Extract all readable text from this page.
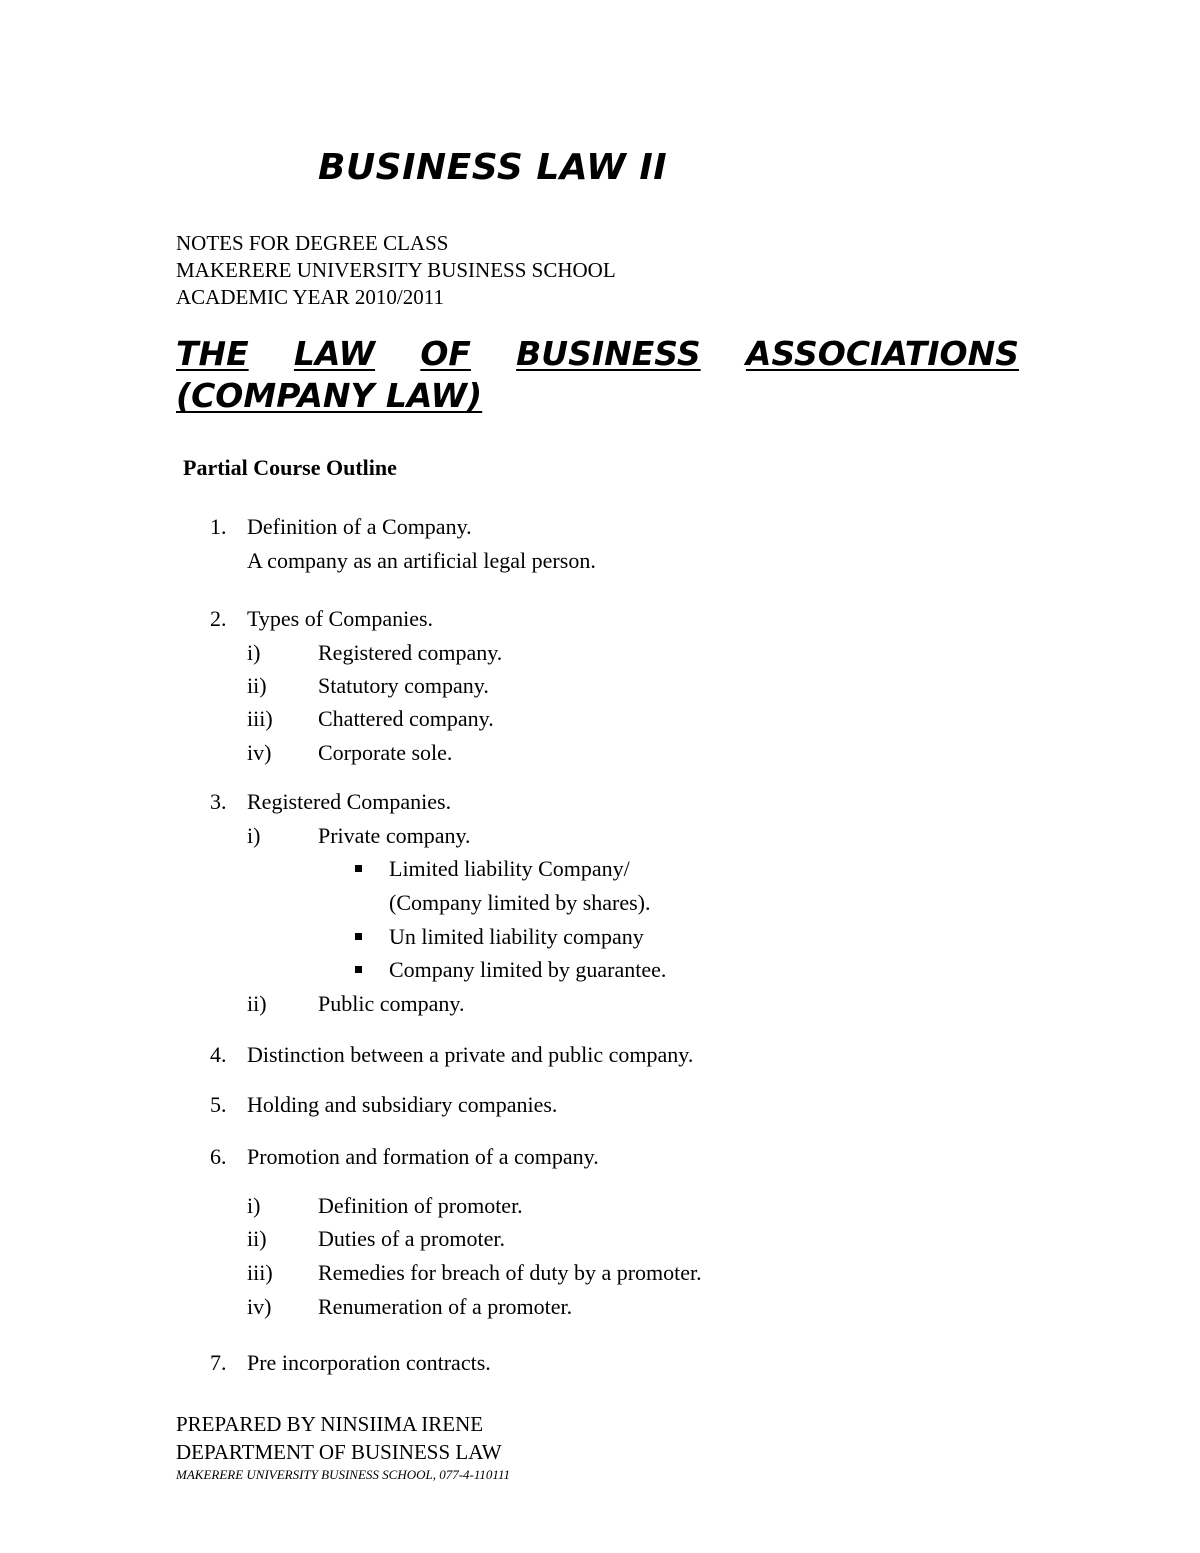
BUSINESS LAW II
NOTES FOR DEGREE CLASS
MAKERERE UNIVERSITY BUSINESS SCHOOL
ACADEMIC YEAR 2010/2011
THE LAW OF BUSINESS ASSOCIATIONS
(COMPANY LAW)
Partial Course Outline
1. Definition of a Company.
A company as an artificial legal person.
2. Types of Companies.
i)	Registered company.
ii) Statutory company.
iii) Chattered company.
iv) Corporate sole.
3. Registered Companies.
i)	Private company.
Limited liability Company/
(Company limited by shares).
Un limited liability company
Company limited by guarantee.
ii) Public company.
4. Distinction between a private and public company.
5. Holding and subsidiary companies.
6. Promotion and formation of a company.
i)	Definition of promoter.
ii) Duties of a promoter.
iii) Remedies for breach of duty by a promoter.
iv) Renumeration of a promoter.
7. Pre incorporation contracts.
PREPARED BY NINSIIMA IRENE
DEPARTMENT OF BUSINESS LAW
MAKERERE UNIVERSITY BUSINESS SCHOOL, 077-4-110111
